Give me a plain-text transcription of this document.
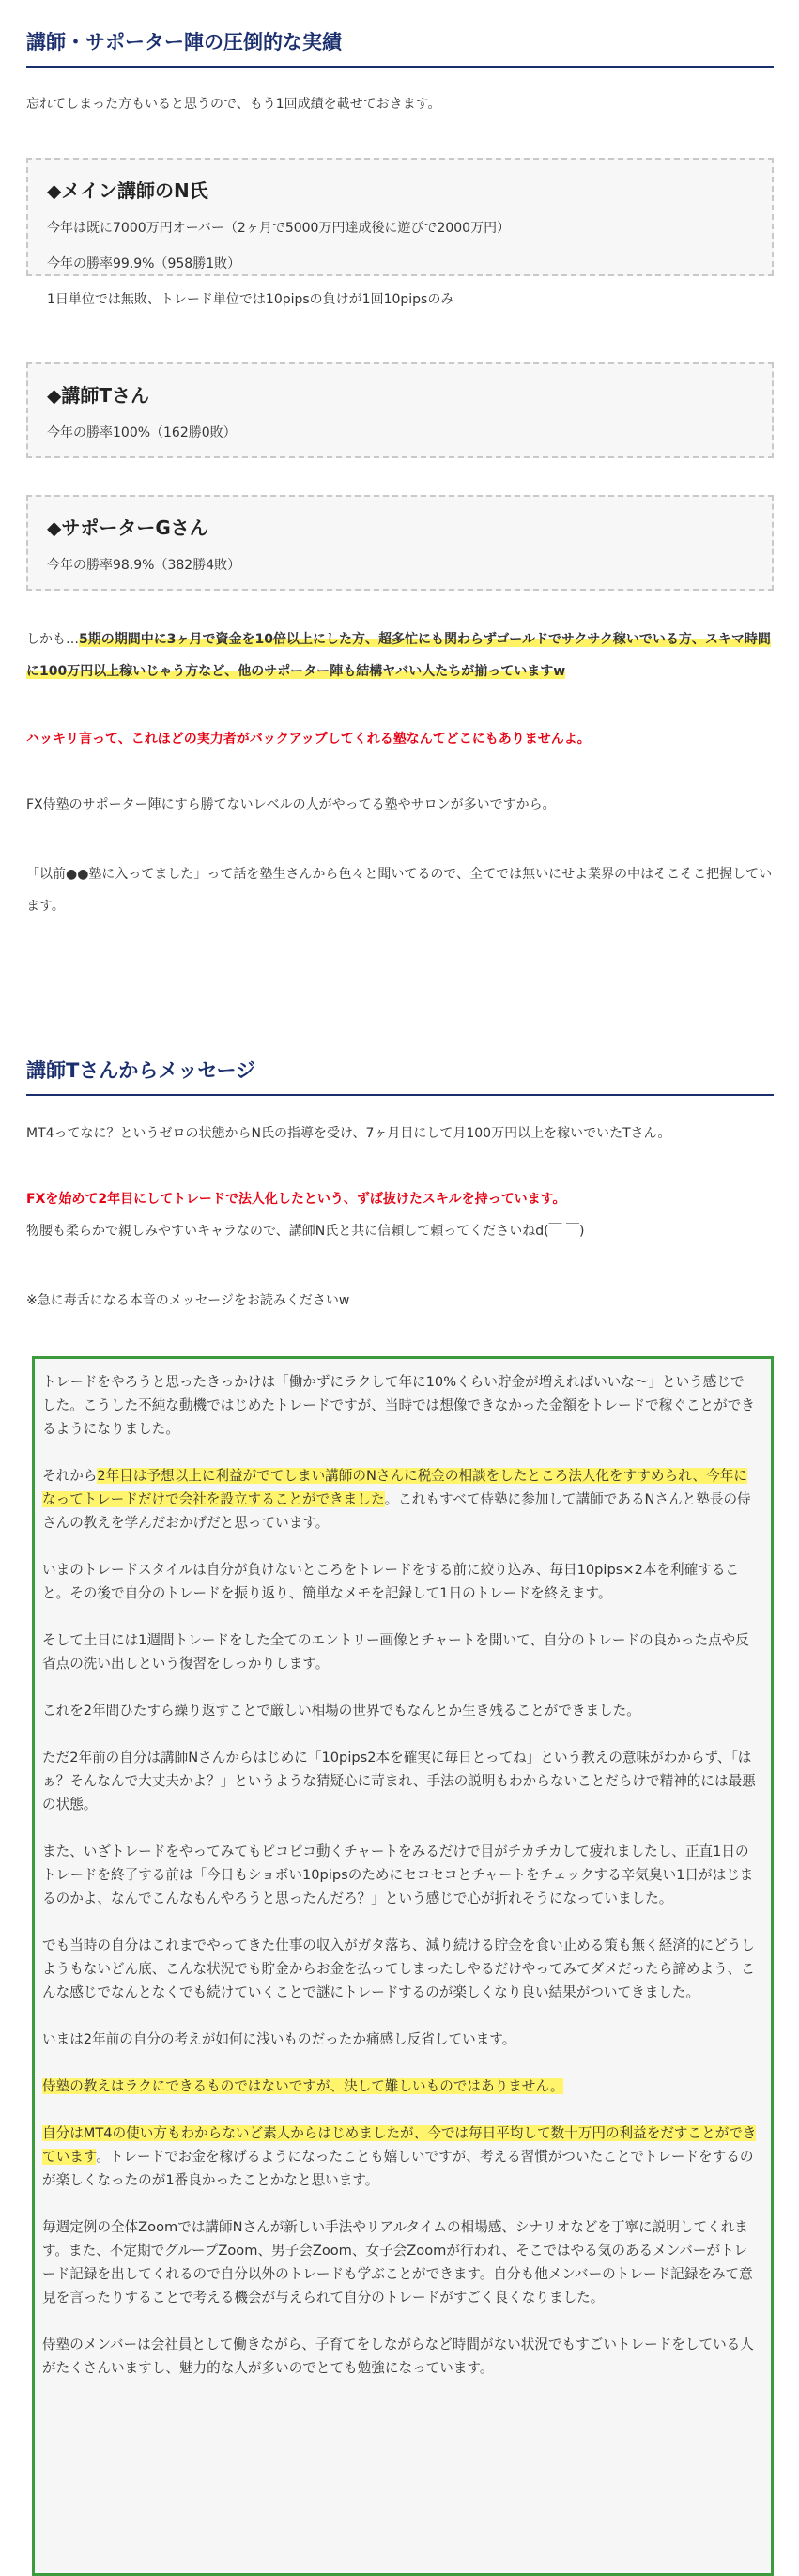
講師・サポーター陣の圧倒的な実績

忘れてしまった方もいると思うので、もう1回成績を載せておきます。

◆メイン講師のN氏
今年は既に7000万円オーバー（2ヶ月で5000万円達成後に遊びで2000万円）
今年の勝率99.9%（958勝1敗）
1日単位では無敗、トレード単位では10pipsの負けが1回10pipsのみ
◆講師Tさん
今年の勝率100%（162勝0敗）
◆サポーターGさん
今年の勝率98.9%（382勝4敗）

しかも…5期の期間中に3ヶ月で資金を10倍以上にした方、超多忙にも関わらずゴールドでサクサク稼いでいる方、スキマ時間に100万円以上稼いじゃう方など、他のサポーター陣も結構ヤバい人たちが揃っていますw

ハッキリ言って、これほどの実力者がバックアップしてくれる塾なんてどこにもありませんよ。

FX侍塾のサポーター陣にすら勝てないレベルの人がやってる塾やサロンが多いですから。

「以前●●塾に入ってました」って話を塾生さんから色々と聞いてるので、全てでは無いにせよ業界の中はそこそこ把握しています。

講師Tさんからメッセージ

MT4ってなに？というゼロの状態からN氏の指導を受け、7ヶ月目にして月100万円以上を稼いでいたTさん。

FXを始めて2年目にしてトレードで法人化したという、ずば抜けたスキルを持っています。

物腰も柔らかで親しみやすいキャラなので、講師N氏と共に信頼して頼ってくださいねd(￣ ￣)

※急に毒舌になる本音のメッセージをお読みくださいw

トレードをやろうと思ったきっかけは「働かずにラクして年に10%くらい貯金が増えればいいな〜」という感じでした。こうした不純な動機ではじめたトレードですが、当時では想像できなかった金額をトレードで稼ぐことができるようになりました。

それから2年目は予想以上に利益がでてしまい講師のNさんに税金の相談をしたところ法人化をすすめられ、今年になってトレードだけで会社を設立することができました。これもすべて侍塾に参加して講師であるNさんと塾長の侍さんの教えを学んだおかげだと思っています。

いまのトレードスタイルは自分が負けないところをトレードをする前に絞り込み、毎日10pips×2本を利確すること。その後で自分のトレードを振り返り、簡単なメモを記録して1日のトレードを終えます。

そして土日には1週間トレードをした全てのエントリー画像とチャートを開いて、自分のトレードの良かった点や反省点の洗い出しという復習をしっかりします。

これを2年間ひたすら繰り返すことで厳しい相場の世界でもなんとか生き残ることができました。

ただ2年前の自分は講師Nさんからはじめに「10pips2本を確実に毎日とってね」という教えの意味がわからず、「はぁ？そんなんで大丈夫かよ？」というような猜疑心に苛まれ、手法の説明もわからないことだらけで精神的には最悪の状態。

また、いざトレードをやってみてもピコピコ動くチャートをみるだけで目がチカチカして疲れましたし、正直1日のトレードを終了する前は「今日もショボい10pipsのためにセコセコとチャートをチェックする辛気臭い1日がはじまるのかよ、なんでこんなもんやろうと思ったんだろ？」という感じで心が折れそうになっていました。

でも当時の自分はこれまでやってきた仕事の収入がガタ落ち、減り続ける貯金を食い止める策も無く経済的にどうしようもないどん底、こんな状況でも貯金からお金を払ってしまったしやるだけやってみてダメだったら諦めよう、こんな感じでなんとなくでも続けていくことで謎にトレードするのが楽しくなり良い結果がついてきました。

いまは2年前の自分の考えが如何に浅いものだったか痛感し反省しています。

侍塾の教えはラクにできるものではないですが、決して難しいものではありません。

自分はMT4の使い方もわからないど素人からはじめましたが、今では毎日平均して数十万円の利益をだすことができています。トレードでお金を稼げるようになったことも嬉しいですが、考える習慣がついたことでトレードをするのが楽しくなったのが1番良かったことかなと思います。

毎週定例の全体Zoomでは講師Nさんが新しい手法やリアルタイムの相場感、シナリオなどを丁寧に説明してくれます。また、不定期でグループZoom、男子会Zoom、女子会Zoomが行われ、そこではやる気のあるメンバーがトレード記録を出してくれるので自分以外のトレードも学ぶことができます。自分も他メンバーのトレード記録をみて意見を言ったりすることで考える機会が与えられて自分のトレードがすごく良くなりました。

侍塾のメンバーは会社員として働きながら、子育てをしながらなど時間がない状況でもすごいトレードをしている人がたくさんいますし、魅力的な人が多いのでとても勉強になっています。
